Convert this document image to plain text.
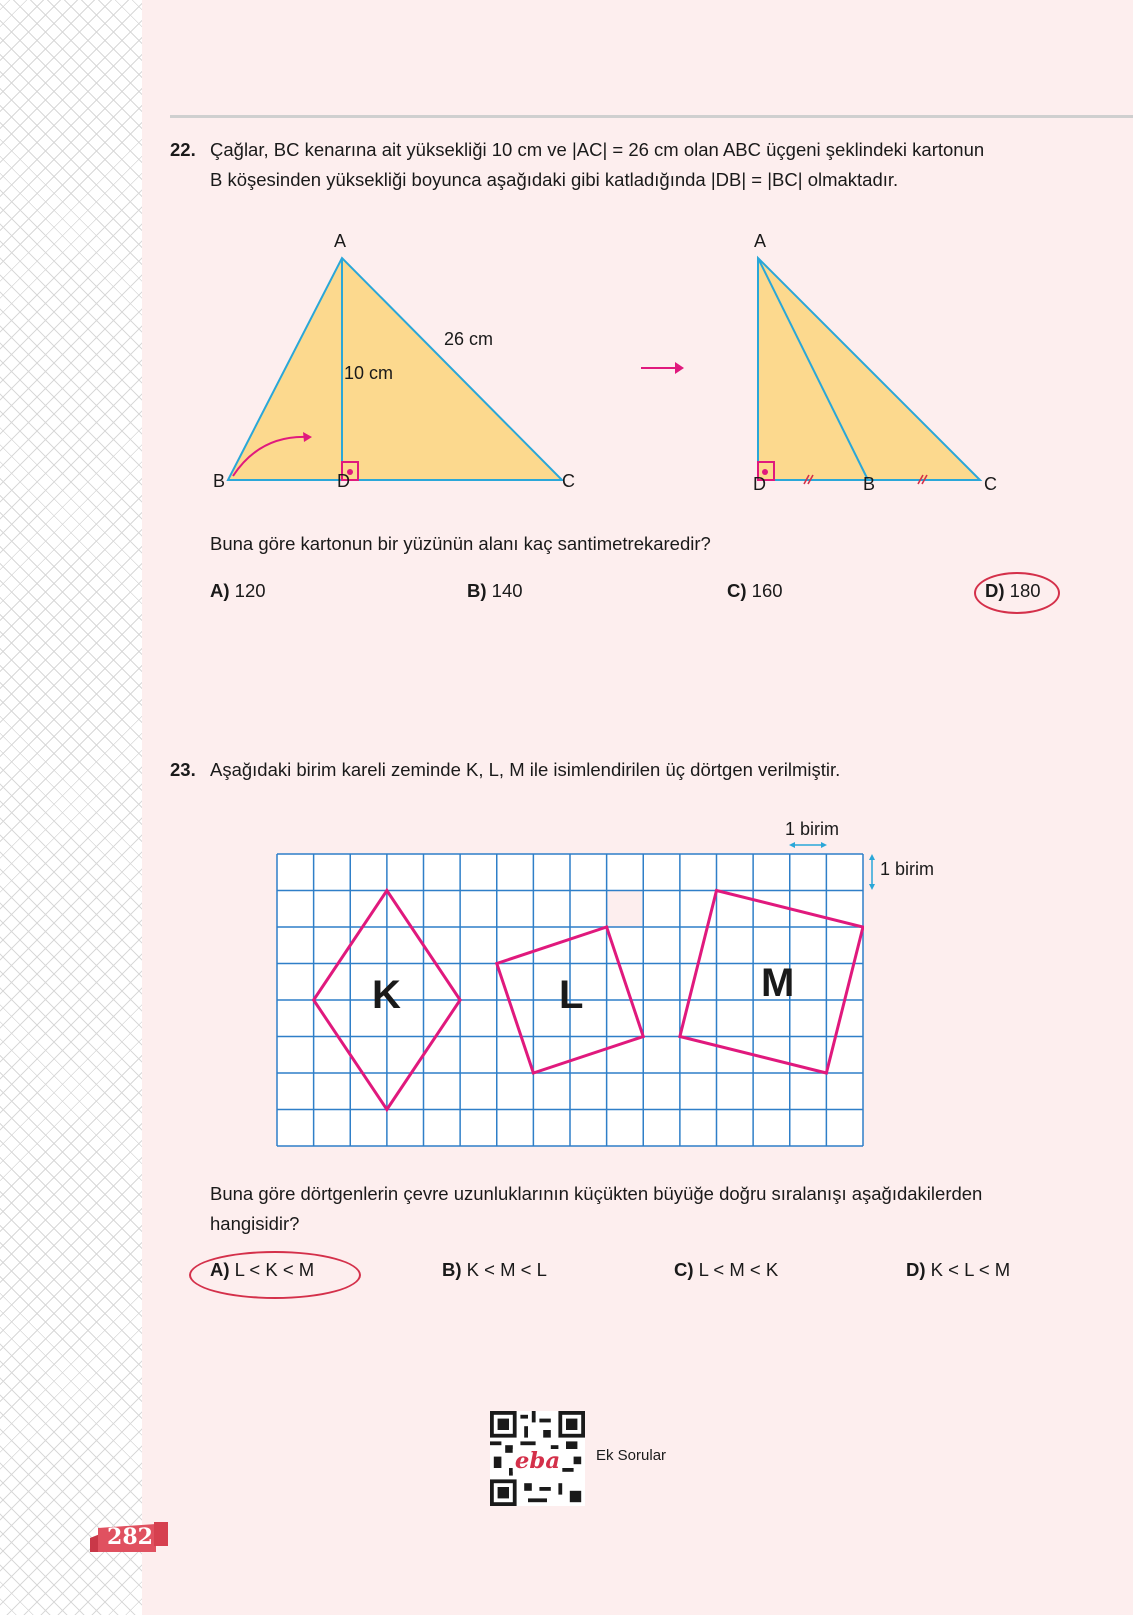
22. Çağlar, BC kenarına ait yüksekliği 10 cm ve |AC| = 26 cm olan ABC üçgeni şeklindeki kartonun
B köşesinden yüksekliği boyunca aşağıdaki gibi katladığında |DB| = |BC| olmaktadır.
A
B	D	C
10 cm
26 cm
A
D	B	C
Buna göre kartonun bir yüzünün alanı kaç santimetrekaredir?
A) 120	B) 140	C) 160	D) 180
23. Aşağıdaki birim kareli zeminde K, L, M ile isimlendirilen üç dörtgen verilmiştir.
1 birim
1 birim
K	L	M
Buna göre dörtgenlerin çevre uzunluklarının küçükten büyüğe doğru sıralanışı aşağıdakilerden
hangisidir?
A) L < K < M	B) K < M < L	C) L < M < K	D) K < L < M
eba Ek Sorular
282
